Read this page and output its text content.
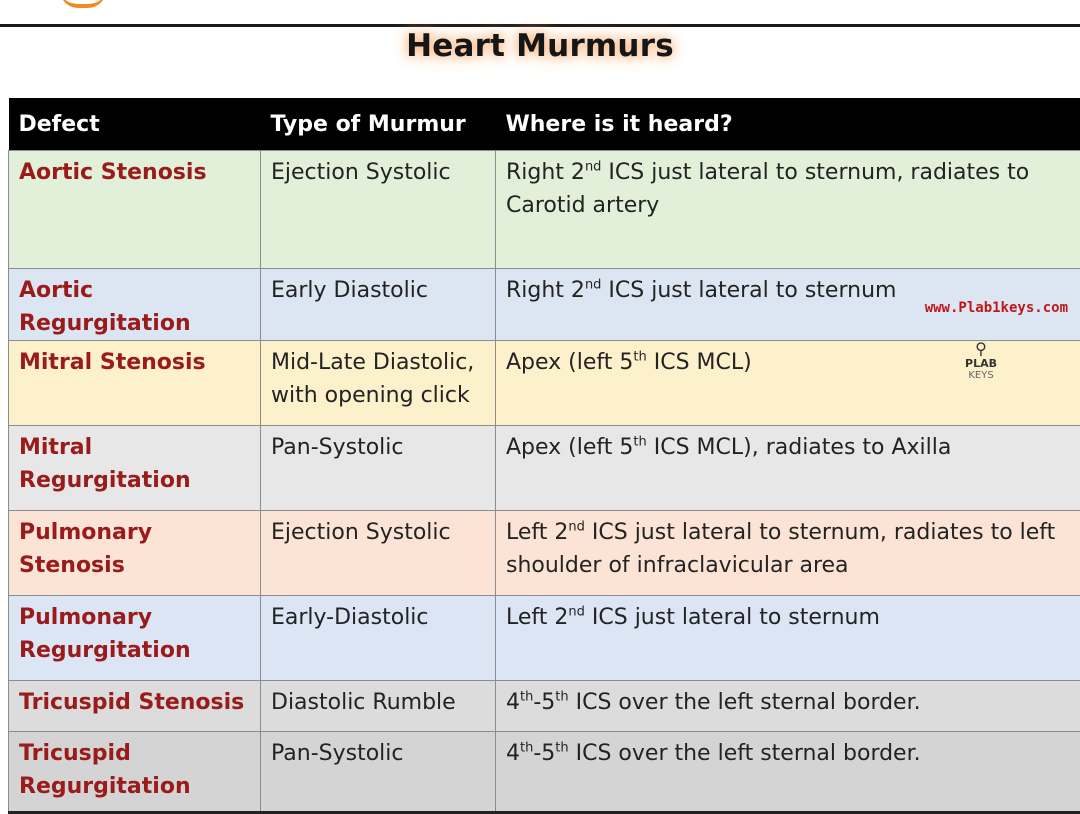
Heart Murmurs
Defect	Type of Murmur	Where is it heard?
Aortic Stenosis	Ejection Systolic	Right 2nd ICS just lateral to sternum, radiates to Carotid artery
Aortic Regurgitation	Early Diastolic	Right 2nd ICS just lateral to sternum
Mitral Stenosis	Mid-Late Diastolic, with opening click	Apex (left 5th ICS MCL)
Mitral Regurgitation	Pan-Systolic	Apex (left 5th ICS MCL), radiates to Axilla
Pulmonary Stenosis	Ejection Systolic	Left 2nd ICS just lateral to sternum, radiates to left shoulder of infraclavicular area
Pulmonary Regurgitation	Early-Diastolic	Left 2nd ICS just lateral to sternum
Tricuspid Stenosis	Diastolic Rumble	4th-5th ICS over the left sternal border.
Tricuspid Regurgitation	Pan-Systolic	4th-5th ICS over the left sternal border.
www.Plab1keys.com
⚲
PLAB
KEYS
